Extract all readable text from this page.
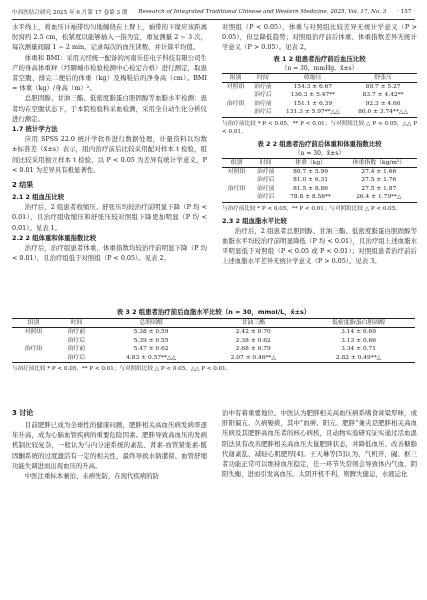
中西医结合研究 2025 年 6 月第 17 卷第 3 期 Research of Integrated Traditional Chinese and Western Medicine, 2025, Vol. 17, No. 3 · 157 ·

水平线上，将血压计袖带均匀地缠绕在上臂上，袖带的下缘应该距离肘窝约 2.5 cm，松紧度以能够插入一指为宜，重复测量 2 ~ 3 次，每次测量间隔 1 ~ 2 min。记录每次的血压读数，并计算平均值。

体重和 BMI：采用天经统一配备的河南乐佳电子科技有限公司生产的身高体重秤（经聊城市检验检测中心检定合格）进行测定，取患者空腹、排完二便后的体重（kg）及梅鞋后的净身高（cm）。BMI = 体重（kg）/身高（m）²。

总胆固醇、甘油三酯、低密度脂蛋白胆固醇等血脂水平检测：患者均在空腹状态下，于本院检验科采血检测，采用全自动生化分析仪进行测定。

1.7 统计学方法

应用 SPSS 22.0 统计学软件进行数据处理，计量资料以均数±标准差（x̄±s）表示，组内治疗前后比较采用配对样本 t 检验，组间比较采用独立样本 t 检验，以 P < 0.05 为差异有统计学意义，P < 0.01 为差异具有极显著性。

2 结果
2.1 2 组血压比较

治疗后，2 组患者收缩压、舒张压均较治疗前明显下降（P 均 < 0.01），且治疗组收缩压和舒张压较对照组下降更加明显（P 均 < 0.01）。见表 1。

2.2 2 组体重和体重指数比较

治疗后，治疗组患者体重、体重指数均较治疗前明显下降（P 均 < 0.01），且治疗组低于对照组（P < 0.05）。见表 2。

对照组（P < 0.05），体重与对照组比较差异无统计学意义（P > 0.05），但呈降低趋势；对照组治疗前后体重、体重指数差异无统计学意义（P > 0.05）。见表 2。

表 1 2 组患者治疗前后血压比较
（n = 30，mmHg，x̄±s）
组别	时间	收缩压	舒张压
对照组	治疗前	154.3 ± 6.67	89.7 ± 5.27
	治疗后	136.3 ± 5.47**	83.7 ± 4.42**
治疗组	治疗前	151.1 ± 6.39	92.3 ± 4.60
	治疗后	131.3 ± 5.97**△△	80.0 ± 3.74**△△
与治疗前比较 * P < 0.05，** P < 0.01；与对照组比较 △ P < 0.05，△△ P < 0.01。
表 2 2 组患者治疗前后体重和体重指数比较
（n = 30，x̄±s）
组别	时间	体重（kg）	体重指数（kg/m²）
对照组	治疗前	80.7 ± 5.99	27.4 ± 1.66
	治疗后	81.0 ± 6.31	27.5 ± 1.76
治疗组	治疗前	81.5 ± 8.86	27.5 ± 1.87
	治疗后	78.8 ± 8.58**	26.4 ± 1.79**△
与治疗前比较 * P < 0.05，** P < 0.01；与对照组比较 △ P < 0.05。
2.3 2 组血脂水平比较

治疗后，2 组患者总胆固醇、甘油三酯、低密度脂蛋白胆固醇等血脂水平均较治疗前明显降低（P 均 < 0.01），且治疗组上述血脂水平明显低于对照组（P < 0.05 或 P < 0.01）；对照组患者治疗前后上述血脂水平差异无统计学意义（P > 0.05）。见表 3。

表 3 2 组患者治疗前后血脂水平比较（n = 30，mmol/L，x̄±s）
组别	时间	总胆固醇	甘油三酯	低密度脂蛋白胆固醇
对照组	治疗前	5.38 ± 0.59	2.42 ± 0.70	3.14 ± 0.69
	治疗后	5.39 ± 0.55	2.38 ± 0.62	3.13 ± 0.66
治疗组	治疗前	5.47 ± 0.62	2.68 ± 0.79	3.34 ± 0.71
	治疗后	4.83 ± 0.57**△△	2.07 ± 0.46**△	2.82 ± 0.49**△
与治疗前比较 * P < 0.05，** P < 0.01；与对照组比较 △ P < 0.05，△△ P < 0.01。
3 讨论

目前肥胖已成为全球性的健康问题，肥胖相关高血压病发病率逐年升高，成为心脑血管疾病的重要危险因素。肥胖导致高血压的发病机制比较复杂，一般认为与内分泌系统的紊乱、肾素-血管紧张素-醛固酮系统的过度激活有一定的相关性，最终导致水钠潴留、血管舒缩功能失调进而出现血压的升高。

中医注重标本兼治、未病先防，在现代疾病的防

治中有着重要地位。中医认为肥胖相关高血压病系嗜食膏粱厚味，或肝阳偏亢、久病娶痰，其中“血痹、阳亢、肥胖”兼夹是肥胖相关高血压病及其肥胖高血压者的核心病机，且动物实验研究证实通过活血温阳法具有改善肥胖相关高血压大鼠肥胖状态，并降低血压、改善糖脂代谢紊乱、减轻心肌肥厚[4]。王天琳等[5]认为，气机开、阖、枢三者功能正常可以维持血压稳定，任一环节失常则会导致体内气血、阴阳失衡，进而引发高血压。太阴开机不利，则脾失健运，水液运化
